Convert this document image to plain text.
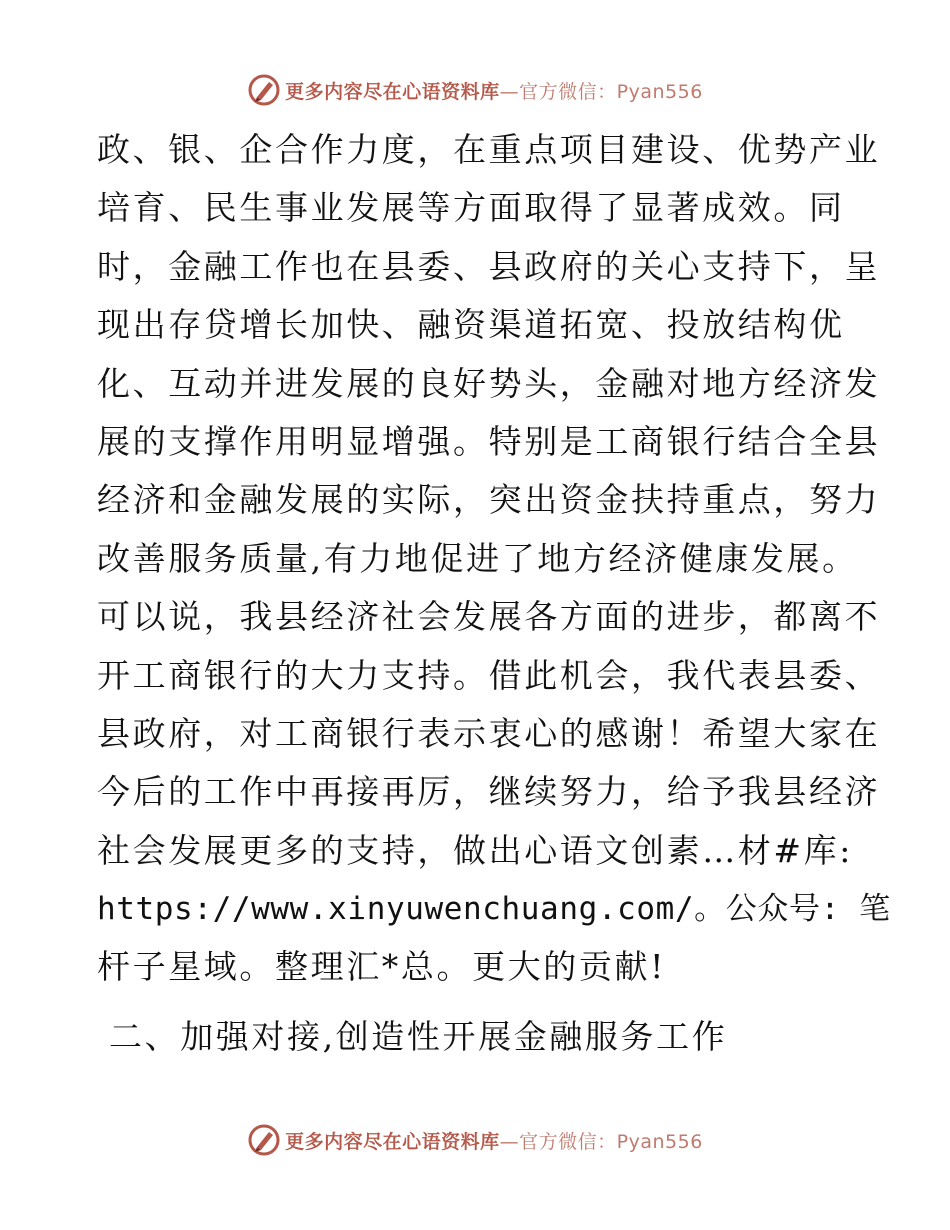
更多内容尽在心语资料库—官方微信：Pyan556
政、银、企合作力度，在重点项目建设、优势产业
培育、民生事业发展等方面取得了显著成效。同
时，金融工作也在县委、县政府的关心支持下，呈
现出存贷增长加快、融资渠道拓宽、投放结构优
化、互动并进发展的良好势头，金融对地方经济发
展的支撑作用明显增强。特别是工商银行结合全县
经济和金融发展的实际，突出资金扶持重点，努力
改善服务质量,有力地促进了地方经济健康发展。
可以说，我县经济社会发展各方面的进步，都离不
开工商银行的大力支持。借此机会，我代表县委、
县政府，对工商银行表示衷心的感谢！希望大家在
今后的工作中再接再厉，继续努力，给予我县经济
社会发展更多的支持，做出心语文创素…材#库:
https://www.xinyuwenchuang.com/。公众号: 笔
杆子星域。整理汇*总。更大的贡献!
二、加强对接,创造性开展金融服务工作
更多内容尽在心语资料库—官方微信：Pyan556
